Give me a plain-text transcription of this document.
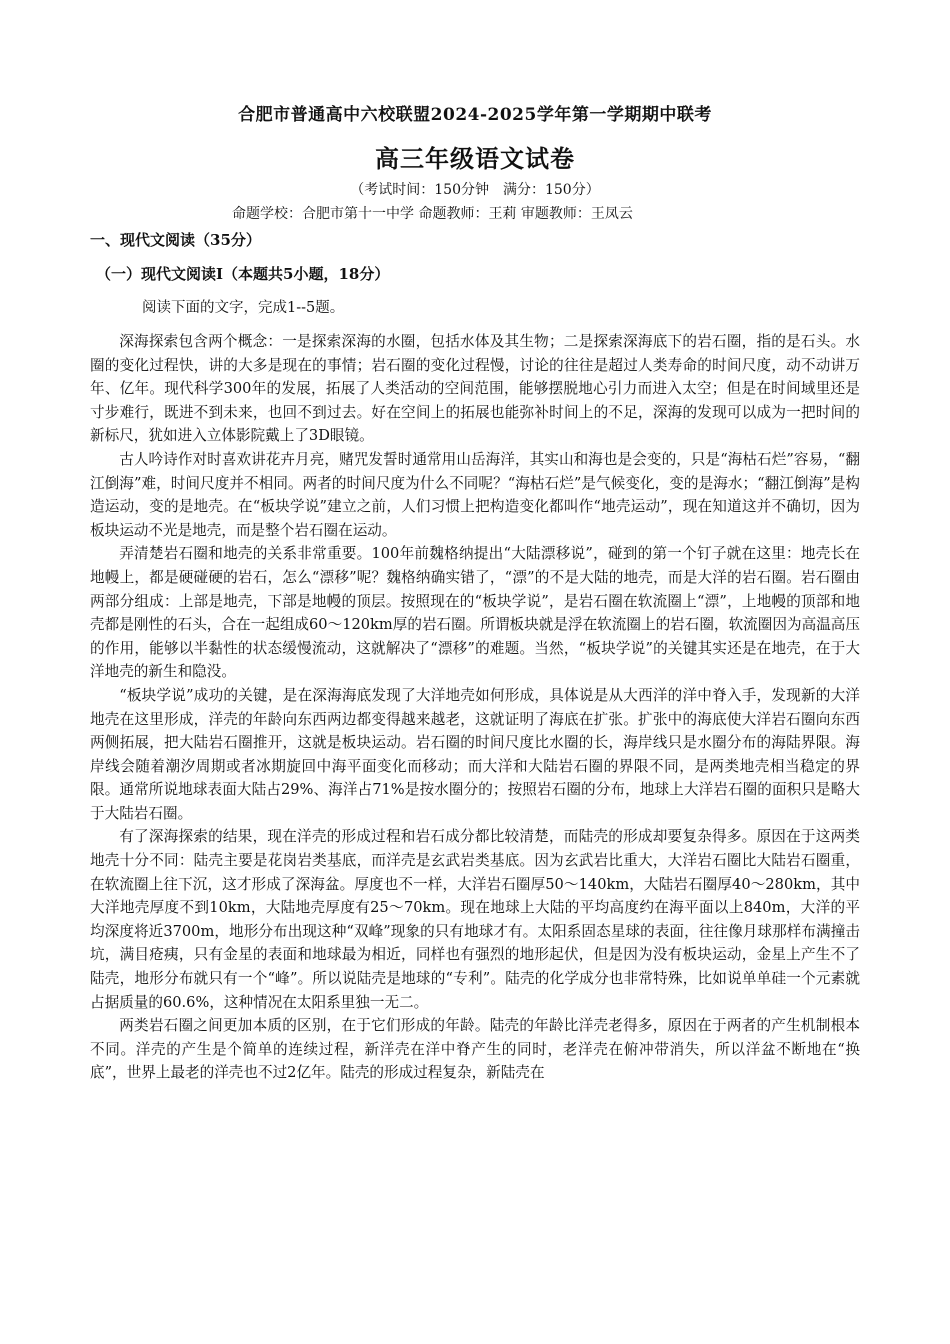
合肥市普通高中六校联盟2024-2025学年第一学期期中联考
高三年级语文试卷
（考试时间：150分钟　满分：150分）
命题学校：合肥市第十一中学 命题教师：王莉 审题教师：王凤云
一、现代文阅读（35分）
（一）现代文阅读Ⅰ（本题共5小题，18分）
阅读下面的文字，完成1--5题。

深海探索包含两个概念：一是探索深海的水圈，包括水体及其生物；二是探索深海底下的岩石圈，指的是石头。水圈的变化过程快，讲的大多是现在的事情；岩石圈的变化过程慢，讨论的往往是超过人类寿命的时间尺度，动不动讲万年、亿年。现代科学300年的发展，拓展了人类活动的空间范围，能够摆脱地心引力而进入太空；但是在时间域里还是寸步难行，既进不到未来，也回不到过去。好在空间上的拓展也能弥补时间上的不足，深海的发现可以成为一把时间的新标尺，犹如进入立体影院戴上了3D眼镜。

古人吟诗作对时喜欢讲花卉月亮，赌咒发誓时通常用山岳海洋，其实山和海也是会变的，只是“海枯石烂”容易，“翻江倒海”难，时间尺度并不相同。两者的时间尺度为什么不同呢？“海枯石烂”是气候变化，变的是海水；“翻江倒海”是构造运动，变的是地壳。在“板块学说”建立之前，人们习惯上把构造变化都叫作“地壳运动”，现在知道这并不确切，因为板块运动不光是地壳，而是整个岩石圈在运动。

弄清楚岩石圈和地壳的关系非常重要。100年前魏格纳提出“大陆漂移说”，碰到的第一个钉子就在这里：地壳长在地幔上，都是硬碰硬的岩石，怎么“漂移”呢？魏格纳确实错了，“漂”的不是大陆的地壳，而是大洋的岩石圈。岩石圈由两部分组成：上部是地壳，下部是地幔的顶层。按照现在的“板块学说”，是岩石圈在软流圈上“漂”，上地幔的顶部和地壳都是刚性的石头，合在一起组成60～120km厚的岩石圈。所谓板块就是浮在软流圈上的岩石圈，软流圈因为高温高压的作用，能够以半黏性的状态缓慢流动，这就解决了“漂移”的难题。当然，“板块学说”的关键其实还是在地壳，在于大洋地壳的新生和隐没。

“板块学说”成功的关键，是在深海海底发现了大洋地壳如何形成，具体说是从大西洋的洋中脊入手，发现新的大洋地壳在这里形成，洋壳的年龄向东西两边都变得越来越老，这就证明了海底在扩张。扩张中的海底使大洋岩石圈向东西两侧拓展，把大陆岩石圈推开，这就是板块运动。岩石圈的时间尺度比水圈的长，海岸线只是水圈分布的海陆界限。海岸线会随着潮汐周期或者冰期旋回中海平面变化而移动；而大洋和大陆岩石圈的界限不同，是两类地壳相当稳定的界限。通常所说地球表面大陆占29%、海洋占71%是按水圈分的；按照岩石圈的分布，地球上大洋岩石圈的面积只是略大于大陆岩石圈。

有了深海探索的结果，现在洋壳的形成过程和岩石成分都比较清楚，而陆壳的形成却要复杂得多。原因在于这两类地壳十分不同：陆壳主要是花岗岩类基底，而洋壳是玄武岩类基底。因为玄武岩比重大，大洋岩石圈比大陆岩石圈重，在软流圈上往下沉，这才形成了深海盆。厚度也不一样，大洋岩石圈厚50～140km，大陆岩石圈厚40～280km，其中大洋地壳厚度不到10km，大陆地壳厚度有25～70km。现在地球上大陆的平均高度约在海平面以上840m，大洋的平均深度将近3700m，地形分布出现这种“双峰”现象的只有地球才有。太阳系固态星球的表面，往往像月球那样布满撞击坑，满目疮痍，只有金星的表面和地球最为相近，同样也有强烈的地形起伏，但是因为没有板块运动，金星上产生不了陆壳，地形分布就只有一个“峰”。所以说陆壳是地球的“专利”。陆壳的化学成分也非常特殊，比如说单单硅一个元素就占据质量的60.6%，这种情况在太阳系里独一无二。

两类岩石圈之间更加本质的区别，在于它们形成的年龄。陆壳的年龄比洋壳老得多，原因在于两者的产生机制根本不同。洋壳的产生是个简单的连续过程，新洋壳在洋中脊产生的同时，老洋壳在俯冲带消失，所以洋盆不断地在“换底”，世界上最老的洋壳也不过2亿年。陆壳的形成过程复杂，新陆壳在
